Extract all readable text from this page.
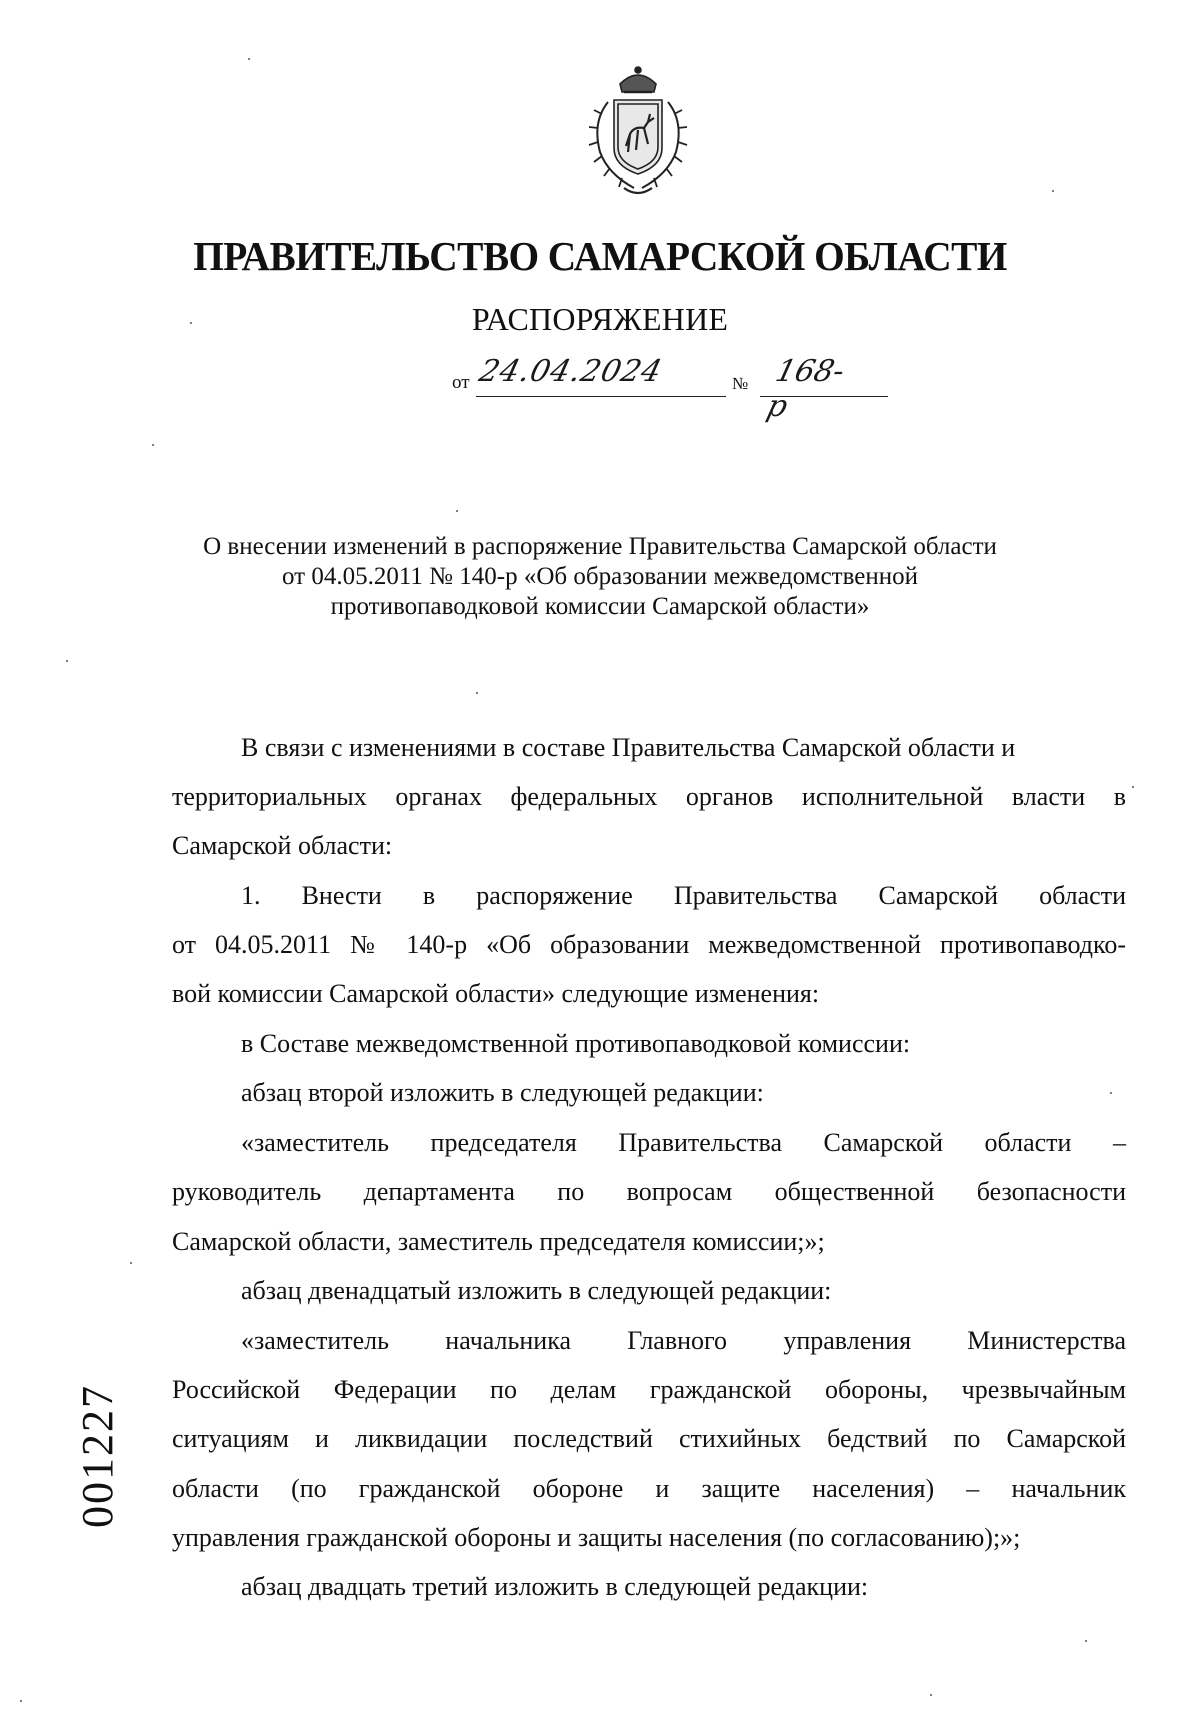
ПРАВИТЕЛЬСТВО САМАРСКОЙ ОБЛАСТИ
РАСПОРЯЖЕНИЕ
от 24.04.2024	№ 168-р
О внесении изменений в распоряжение Правительства Самарской области
от 04.05.2011 № 140-р «Об образовании межведомственной
противопаводковой комиссии Самарской области»
В связи с изменениями в составе Правительства Самарской области и
территориальных органах федеральных органов исполнительной власти в
Самарской области:
1. Внести в распоряжение Правительства Самарской области
от 04.05.2011 № 140-р «Об образовании межведомственной противопаводко-
вой комиссии Самарской области» следующие изменения:
в Составе межведомственной противопаводковой комиссии:
абзац второй изложить в следующей редакции:
«заместитель председателя Правительства Самарской области –
руководитель департамента по вопросам общественной безопасности
Самарской области, заместитель председателя комиссии;»;
абзац двенадцатый изложить в следующей редакции:
«заместитель начальника Главного управления Министерства
Российской Федерации по делам гражданской обороны, чрезвычайным
ситуациям и ликвидации последствий стихийных бедствий по Самарской
области (по гражданской обороне и защите населения) – начальник
управления гражданской обороны и защиты населения (по согласованию);»;
абзац двадцать третий изложить в следующей редакции:
001227
